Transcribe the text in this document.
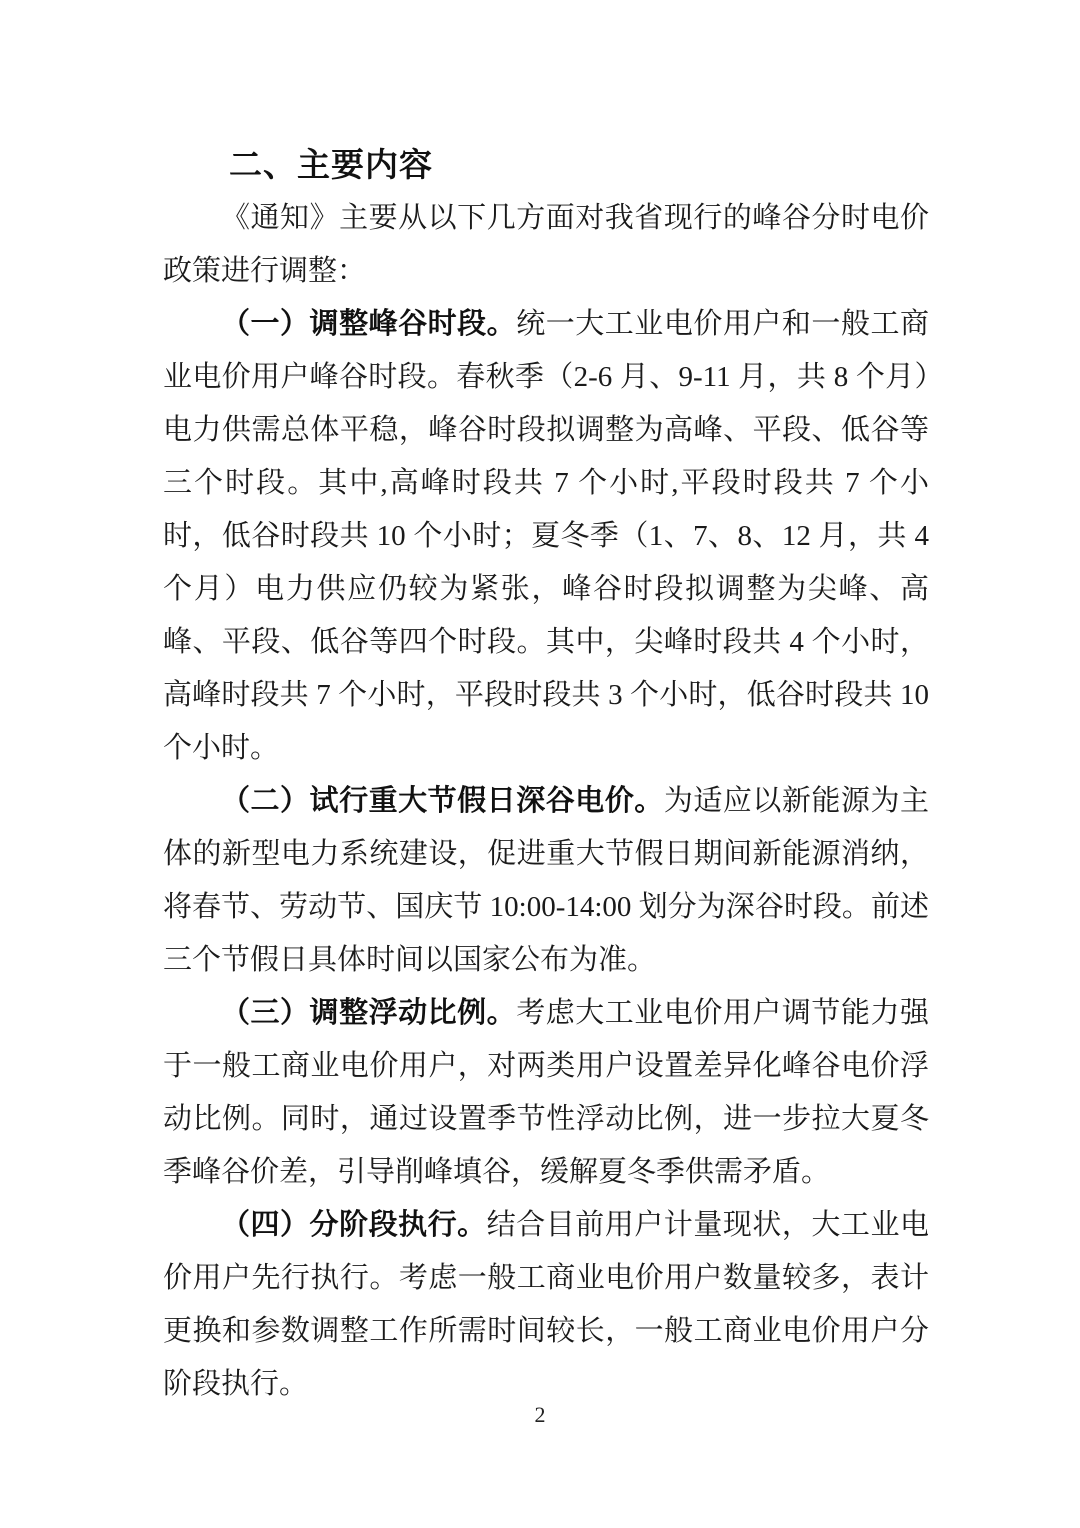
二、主要内容

《通知》主要从以下几方面对我省现行的峰谷分时电价政策进行调整：

（一）调整峰谷时段。统一大工业电价用户和一般工商业电价用户峰谷时段。春秋季（2-6 月、9-11 月，共 8 个月）电力供需总体平稳，峰谷时段拟调整为高峰、平段、低谷等三个时段。其中,高峰时段共 7 个小时,平段时段共 7 个小时，低谷时段共 10 个小时；夏冬季（1、7、8、12 月，共 4 个月）电力供应仍较为紧张，峰谷时段拟调整为尖峰、高峰、平段、低谷等四个时段。其中，尖峰时段共 4 个小时，高峰时段共 7 个小时，平段时段共 3 个小时，低谷时段共 10 个小时。

（二）试行重大节假日深谷电价。为适应以新能源为主体的新型电力系统建设，促进重大节假日期间新能源消纳，将春节、劳动节、国庆节 10:00-14:00 划分为深谷时段。前述三个节假日具体时间以国家公布为准。

（三）调整浮动比例。考虑大工业电价用户调节能力强于一般工商业电价用户，对两类用户设置差异化峰谷电价浮动比例。同时，通过设置季节性浮动比例，进一步拉大夏冬季峰谷价差，引导削峰填谷，缓解夏冬季供需矛盾。

（四）分阶段执行。结合目前用户计量现状，大工业电价用户先行执行。考虑一般工商业电价用户数量较多，表计更换和参数调整工作所需时间较长，一般工商业电价用户分阶段执行。

2
